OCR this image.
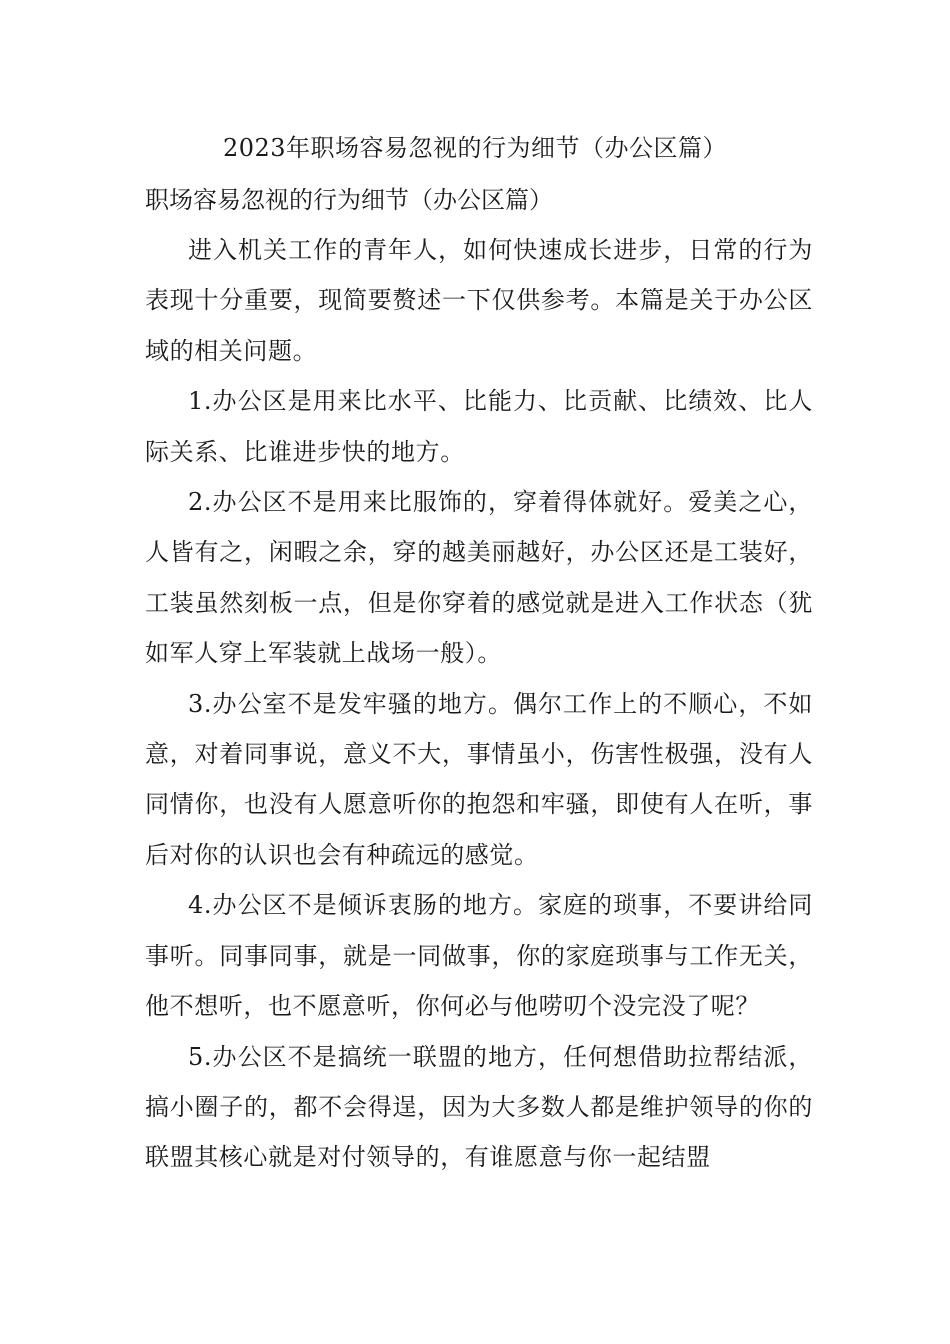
2023年职场容易忽视的行为细节（办公区篇）
职场容易忽视的行为细节（办公区篇）

进入机关工作的青年人，如何快速成长进步，日常的行为表现十分重要，现简要赘述一下仅供参考。本篇是关于办公区域的相关问题。

1.办公区是用来比水平、比能力、比贡献、比绩效、比人际关系、比谁进步快的地方。

2.办公区不是用来比服饰的，穿着得体就好。爱美之心，人皆有之，闲暇之余，穿的越美丽越好，办公区还是工装好，工装虽然刻板一点，但是你穿着的感觉就是进入工作状态（犹如军人穿上军装就上战场一般）。

3.办公室不是发牢骚的地方。偶尔工作上的不顺心，不如意，对着同事说，意义不大，事情虽小，伤害性极强，没有人同情你，也没有人愿意听你的抱怨和牢骚，即使有人在听，事后对你的认识也会有种疏远的感觉。

4.办公区不是倾诉衷肠的地方。家庭的琐事，不要讲给同事听。同事同事，就是一同做事，你的家庭琐事与工作无关，他不想听，也不愿意听，你何必与他唠叨个没完没了呢？

5.办公区不是搞统一联盟的地方，任何想借助拉帮结派，搞小圈子的，都不会得逞，因为大多数人都是维护领导的你的联盟其核心就是对付领导的，有谁愿意与你一起结盟
